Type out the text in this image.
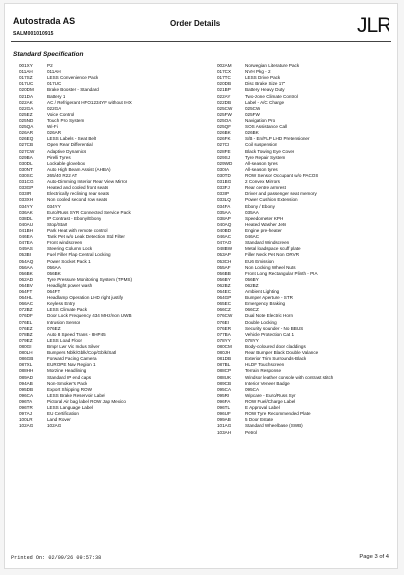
Autostrada AS
SALM001010915
Order Details	JLR
Standard Specification
001XY	P2
011AH	011AH
017SZ	LESS Convenience Pack
017UC	017UC
020DM	Brake Booster - Standard
021DA	Battery 1
022AK	AC / Refrigerant HFO1234YF without IHX
022GA	022GA
025EZ	Voice Control
025ND	Touch Pro System
025QA	Wi-Fi
026AR	026AR
026EQ	LESS Labels - Seat Belt
027CB	Open Rear Differential
027CW	Adaptive Dynamics
029BA	Pirelli Tyres
030DL	Lockable glovebox
030NT	Auto High Beam Assist (AHBA)
030SC	265/40 R22 AT
031CG	Auto-Dimming Interior Rear View Mirror
033GP	Heated and cooled front seats
033IR	Electrically reclining rear seats
033XH	Non cooled second row seats
034YY	034YY
036AK	Euro/Russ SYR Connected Service Pack
038DL	IP Contrast - Ebony/Ebony
040AU	Stop/Start
041BH	Park Heat with remote control
046EA	Tank Pet w/o Leak Detection Std Filter
047EA	Front windscreen
049AS	Steering Column Lock
053BI	Fuel Filler Flap Central Locking
054AQ	Power Socket Pack 1
056AA	056AA
056BK	056BK
062AD	Tyre Pressure Monitoring System (TPMS)
064BV	Headlight power wash
064FT	064FT
064HL	Headlamp Operation LHD right justify
066AC	Keyless Entry
072BZ	LESS Climate Pack
076DF	Door Lock Frequency 434 MHz/non UWB
076EL	Intrusion Sensor
076EZ	076EZ
078BZ	Auto 8 Speed Trans - 8HP45
079EZ	LESS Load Floor
080GI	Bmpr Lwr Vic Indus Silver
080LH	Bumpers Nblk/Gblk/Cop/Gblk/Satl
086GB	Forward Facing Camera
087XL	EUROPE Nav Region 1
088HH	Morzine Headlining
089AD	Standard IP end caps
094AB	Non-Smoker's Pack
095DB	Export Shipping ROW
096CA	LESS Brake Reservoir Label
096TA	Pictoral Air bag label ROW Jap Mexico
096TR	LESS Language Label
097AJ	EU Certification
100LR	Land Rover
102AG	102AG
002AM	Norwegian Literature Pack
017CX	NVH Pkg - 2
017TC	LESS Drive Pack
020DB	Disc Brake Size 17"
021BP	Battery Heavy Duty
022AY	Two-zone Climate Control
022DB	Label - A/C Charge
025CW	025CW
025FW	025FW
025OA	Navigation Pro
025QF	SOS Assistance Call
026BK	026BK
026FK	S/B - En/FLP LHD Pretensioner
027CI	Coil suspension
028FE	Black Towing Eye Cover
029SJ	Tyre Repair System
029WD	All-season tyres
030IA	All-season tyres
030TD	ROW Sensor Occupant w/o PACOS
031BG	2 Convex Mirrors
033FJ	Rear centre armrest
033IP	Driver and passenger seat memory
033LQ	Power Cushion Extension
034FA	Ebony / Ebony
035AA	035AA
038AP	Speedometer KPH
040AQ	Heated Washer Jets
040BD	Engine pre-heater
046AC	046AC
047AO	Standard Windscreen
048BW	Metal loadspace scuff plate
053AP	Filler Neck Pet Non ORVR
053CH	EU6 Emission
055AF	Non Locking Wheel Nuts
056BB	Front Long Rectangular Plinth - PIA
056BY	056BY
062BZ	062BZ
064EC	Ambient Lighting
064GP	Bumper Aperture - STR
065EC	Emergency Braking
066CZ	066CZ
076CW	Dual Note Electric Horn
076EI	Double Locking
076ER	Security sounder - No BBUS
077BA	Vehicle Protection Cat 1
078YY	078YY
080CM	Body-coloured door claddings
080JH	Rear Bumper Black Double Valance
081DB	Exterior Trim Surrounds-Black
087BL	HLDF Touchscreen
088CP	Terrain Response
088UK	Windsor leather console with contrast stitch
089CB	Interior Veneer Badge
095CA	095CA
095RI	Wipcare - Euro/Russ Syr
096FA	ROW Fuel/Charge Label
096TL	E Approval Label
096UF	ROW Tyre Recommended Plate
099AB	5 Door Estate
101AG	Standard Wheelbase (SWB)
103AH	Petrol
Printed On: 02/09/26 09:57:38	Page 3 of 4
